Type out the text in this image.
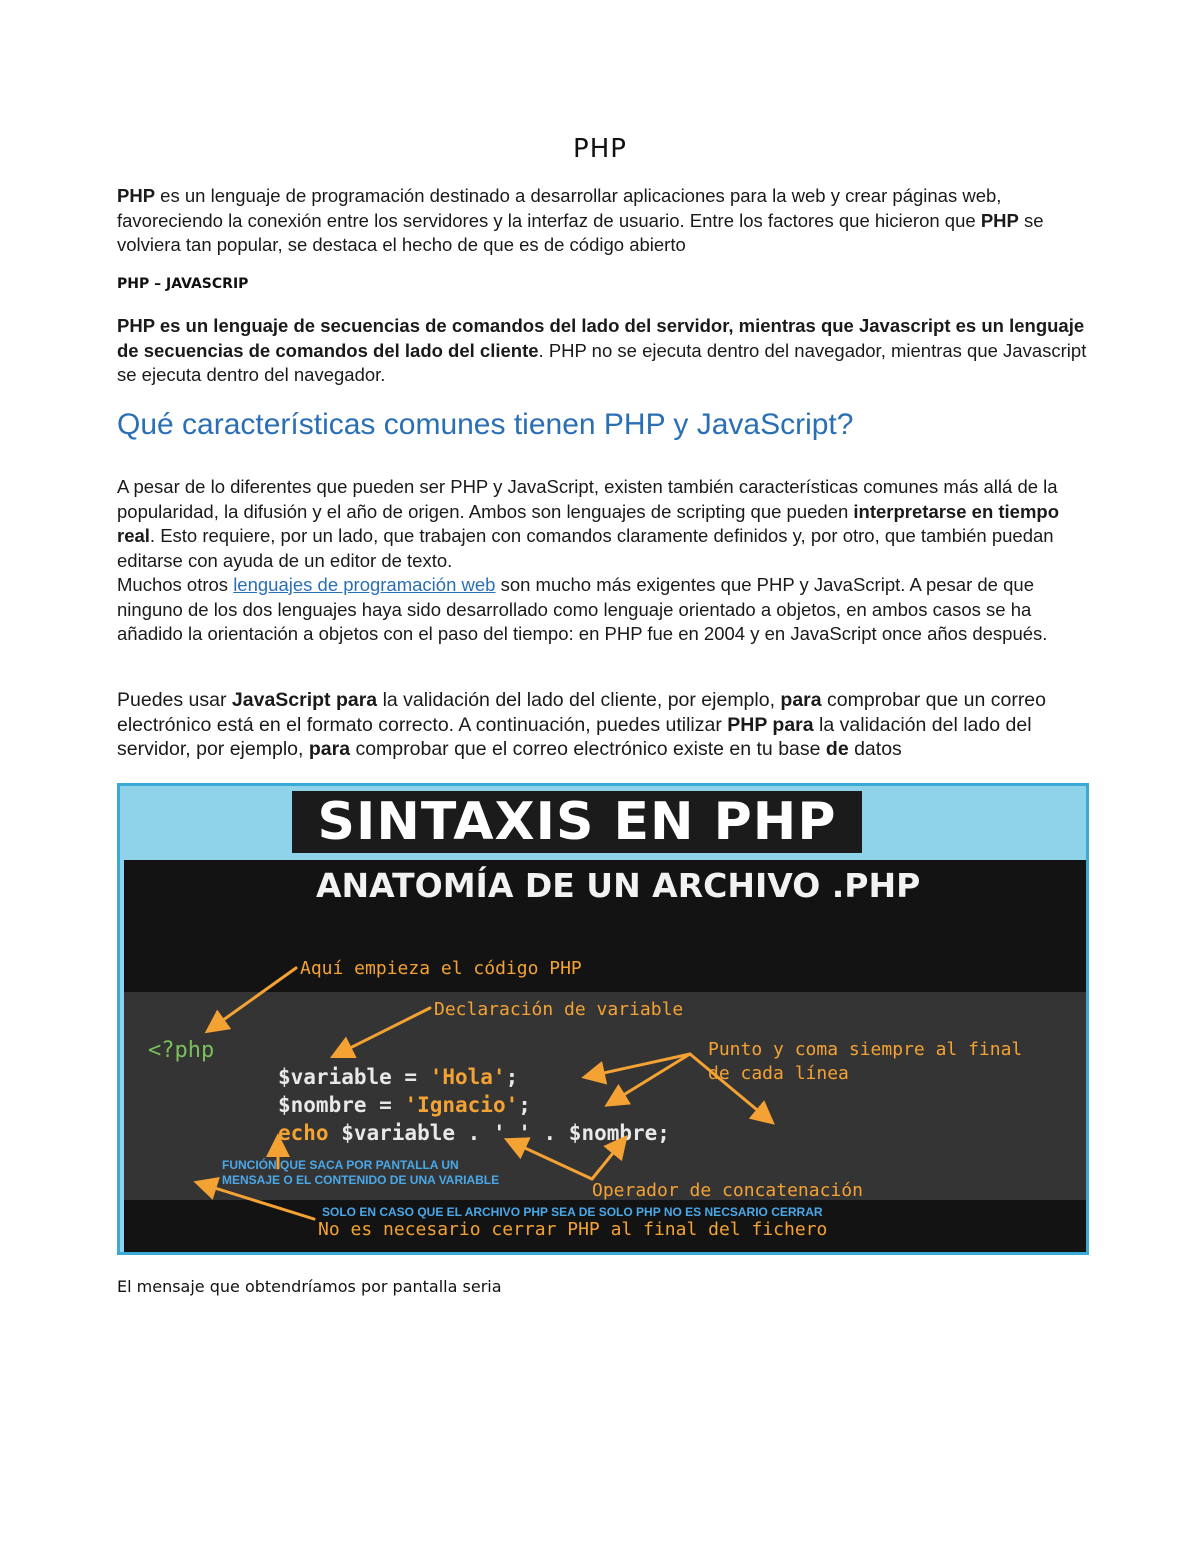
PHP
PHP es un lenguaje de programación destinado a desarrollar aplicaciones para la web y crear páginas web, favoreciendo la conexión entre los servidores y la interfaz de usuario. Entre los factores que hicieron que PHP se volviera tan popular, se destaca el hecho de que es de código abierto
PHP – JAVASCRIP
PHP es un lenguaje de secuencias de comandos del lado del servidor, mientras que Javascript es un lenguaje de secuencias de comandos del lado del cliente. PHP no se ejecuta dentro del navegador, mientras que Javascript se ejecuta dentro del navegador.
Qué características comunes tienen PHP y JavaScript?
A pesar de lo diferentes que pueden ser PHP y JavaScript, existen también características comunes más allá de la popularidad, la difusión y el año de origen. Ambos son lenguajes de scripting que pueden interpretarse en tiempo real. Esto requiere, por un lado, que trabajen con comandos claramente definidos y, por otro, que también puedan editarse con ayuda de un editor de texto.
Muchos otros lenguajes de programación web son mucho más exigentes que PHP y JavaScript. A pesar de que ninguno de los dos lenguajes haya sido desarrollado como lenguaje orientado a objetos, en ambos casos se ha añadido la orientación a objetos con el paso del tiempo: en PHP fue en 2004 y en JavaScript once años después.
Puedes usar JavaScript para la validación del lado del cliente, por ejemplo, para comprobar que un correo electrónico está en el formato correcto. A continuación, puedes utilizar PHP para la validación del lado del servidor, por ejemplo, para comprobar que el correo electrónico existe en tu base de datos
SINTAXIS EN PHP
ANATOMÍA DE UN ARCHIVO .PHP
Aquí empieza el código PHP
Declaración de variable
Punto y coma siempre al final
de cada línea
<?php
$variable = 'Hola';
$nombre = 'Ignacio';
echo $variable . ' ' . $nombre;
FUNCIÓN QUE SACA POR PANTALLA UN
MENSAJE O EL CONTENIDO DE UNA VARIABLE	Operador de concatenación
SOLO EN CASO QUE EL ARCHIVO PHP SEA DE SOLO PHP NO ES NECSARIO CERRAR
No es necesario cerrar PHP al final del fichero
El mensaje que obtendríamos por pantalla seria
